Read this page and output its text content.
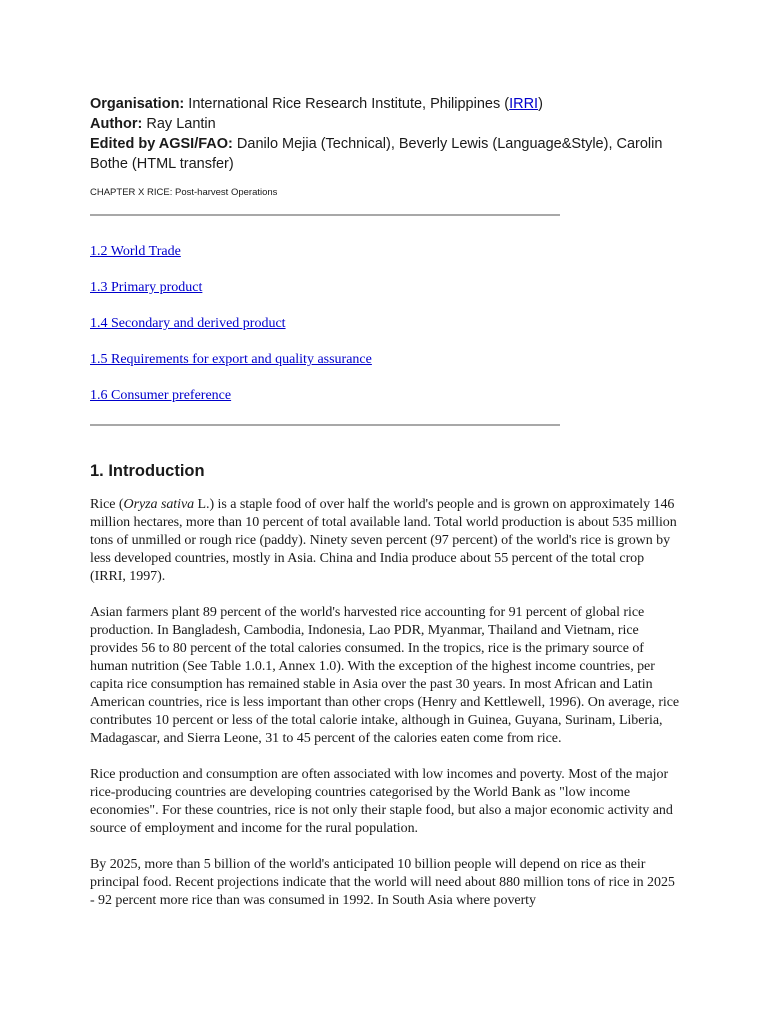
Organisation: International Rice Research Institute, Philippines (IRRI)
Author: Ray Lantin
Edited by AGSI/FAO: Danilo Mejia (Technical), Beverly Lewis (Language&Style), Carolin Bothe (HTML transfer)
CHAPTER X RICE: Post-harvest Operations
1.2 World Trade
1.3 Primary product
1.4 Secondary and derived product
1.5 Requirements for export and quality assurance
1.6 Consumer preference
1. Introduction

Rice (Oryza sativa L.) is a staple food of over half the world's people and is grown on approximately 146 million hectares, more than 10 percent of total available land. Total world production is about 535 million tons of unmilled or rough rice (paddy). Ninety seven percent (97 percent) of the world's rice is grown by less developed countries, mostly in Asia. China and India produce about 55 percent of the total crop (IRRI, 1997).

Asian farmers plant 89 percent of the world's harvested rice accounting for 91 percent of global rice production. In Bangladesh, Cambodia, Indonesia, Lao PDR, Myanmar, Thailand and Vietnam, rice provides 56 to 80 percent of the total calories consumed. In the tropics, rice is the primary source of human nutrition (See Table 1.0.1, Annex 1.0). With the exception of the highest income countries, per capita rice consumption has remained stable in Asia over the past 30 years. In most African and Latin American countries, rice is less important than other crops (Henry and Kettlewell, 1996). On average, rice contributes 10 percent or less of the total calorie intake, although in Guinea, Guyana, Surinam, Liberia, Madagascar, and Sierra Leone, 31 to 45 percent of the calories eaten come from rice.

Rice production and consumption are often associated with low incomes and poverty. Most of the major rice-producing countries are developing countries categorised by the World Bank as "low income economies". For these countries, rice is not only their staple food, but also a major economic activity and source of employment and income for the rural population.

By 2025, more than 5 billion of the world's anticipated 10 billion people will depend on rice as their principal food. Recent projections indicate that the world will need about 880 million tons of rice in 2025 - 92 percent more rice than was consumed in 1992. In South Asia where poverty
